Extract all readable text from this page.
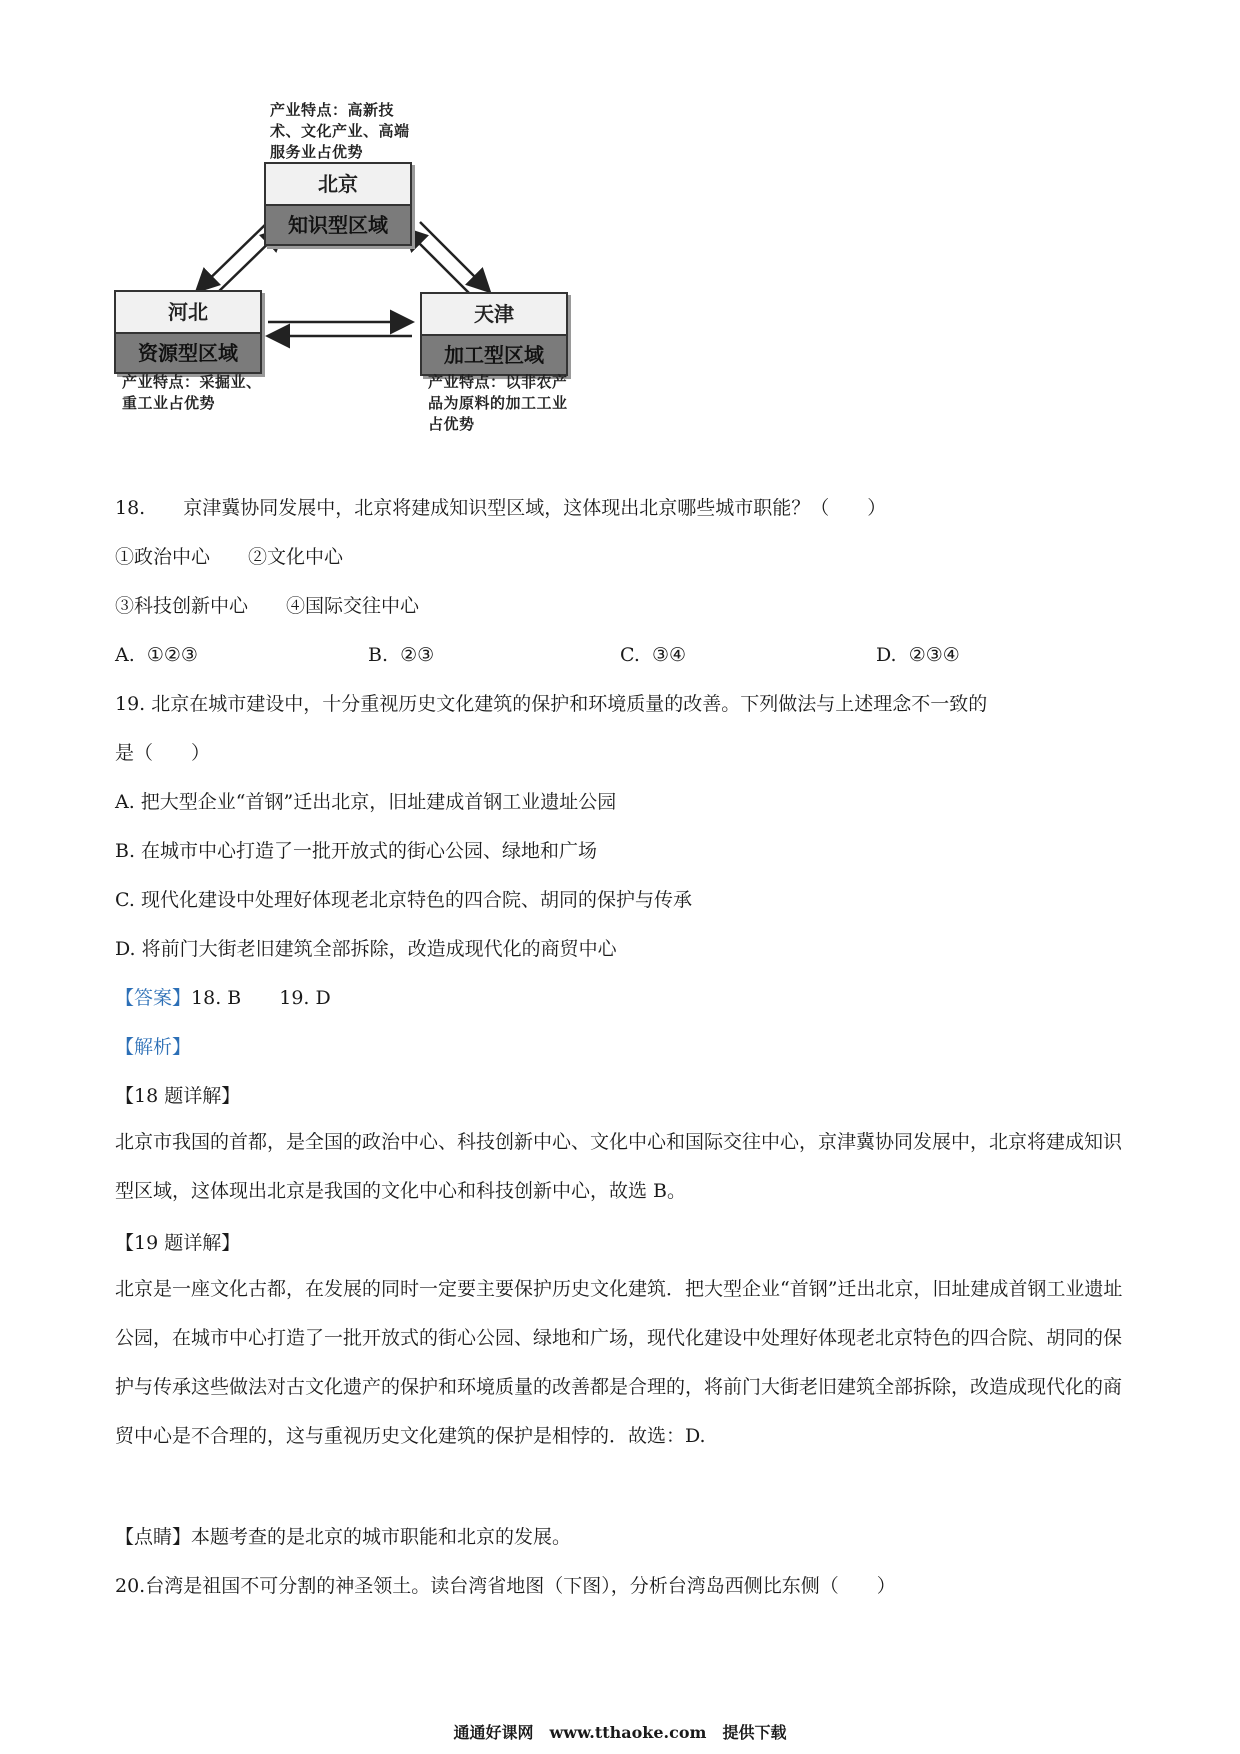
产业特点：高新技术、文化产业、高端服务业占优势
北京
知识型区域
河北
资源型区域
天津
加工型区域
产业特点：采掘业、重工业占优势
产业特点：以非农产品为原料的加工工业占优势
18.　　京津冀协同发展中，北京将建成知识型区域，这体现出北京哪些城市职能？（　　）
①政治中心　　②文化中心
③科技创新中心　　④国际交往中心
A. ①②③	B. ②③	C. ③④	D. ②③④
19. 北京在城市建设中，十分重视历史文化建筑的保护和环境质量的改善。下列做法与上述理念不一致的
是（　　）
A. 把大型企业“首钢”迁出北京，旧址建成首钢工业遗址公园
B. 在城市中心打造了一批开放式的街心公园、绿地和广场
C. 现代化建设中处理好体现老北京特色的四合院、胡同的保护与传承
D. 将前门大街老旧建筑全部拆除，改造成现代化的商贸中心
【答案】18. B　　19. D
【解析】
【18 题详解】
北京市我国的首都，是全国的政治中心、科技创新中心、文化中心和国际交往中心，京津冀协同发展中，北京将建成知识型区域，这体现出北京是我国的文化中心和科技创新中心，故选 B。
【19 题详解】
北京是一座文化古都，在发展的同时一定要主要保护历史文化建筑．把大型企业“首钢”迁出北京，旧址建成首钢工业遗址公园，在城市中心打造了一批开放式的街心公园、绿地和广场，现代化建设中处理好体现老北京特色的四合院、胡同的保护与传承这些做法对古文化遗产的保护和环境质量的改善都是合理的，将前门大街老旧建筑全部拆除，改造成现代化的商贸中心是不合理的，这与重视历史文化建筑的保护是相悖的．故选：D.
【点睛】本题考查的是北京的城市职能和北京的发展。
20.台湾是祖国不可分割的神圣领土。读台湾省地图（下图），分析台湾岛西侧比东侧（　　）
通通好课网　www.tthaoke.com　提供下载
